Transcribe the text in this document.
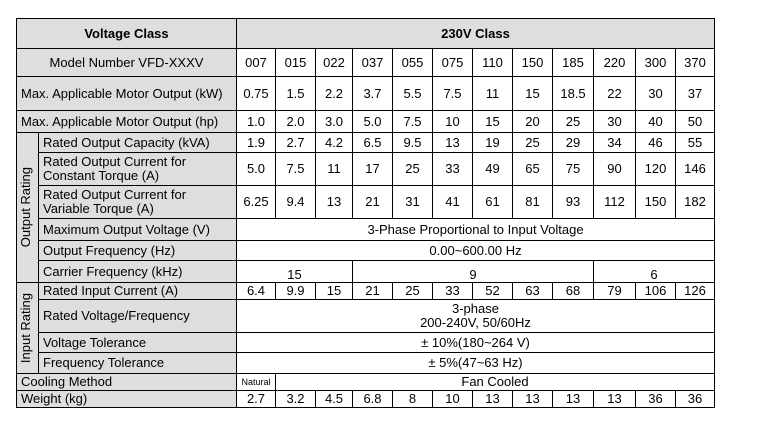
Voltage Class		230V Class											
Model Number VFD-XXXV		007	015	022	037	055	075	110	150	185	220	300	370
Max. Applicable Motor Output (kW)		0.75	1.5	2.2	3.7	5.5	7.5	11	15	18.5	22	30	37
Max. Applicable Motor Output (hp)		1.0	2.0	3.0	5.0	7.5	10	15	20	25	30	40	50

Output Rating	Rated Output Capacity (kVA)	1.9	2.7	4.2	6.5	9.5	13	19	25	29	34	46	55
	Rated Output Current for Constant Torque (A)	5.0	7.5	11	17	25	33	49	65	75	90	120	146
	Rated Output Current for Variable Torque (A)	6.25	9.4	13	21	31	41	61	81	93	112	150	182
	Maximum Output Voltage (V)	3-Phase Proportional to Input Voltage											
	Output Frequency (Hz)	0.00~600.00 Hz											
	Carrier Frequency (kHz)	15			9						6		

Input Rating	Rated Input Current (A)	6.4	9.9	15	21	25	33	52	63	68	79	106	126
	Rated Voltage/Frequency	3-phase
200-240V, 50/60Hz											

	Voltage Tolerance	± 10%(180~264 V)											
	Frequency Tolerance	± 5%(47~63 Hz)											
Cooling Method		Natural	Fan Cooled										
Weight (kg)		2.7	3.2	4.5	6.8	8	10	13	13	13	13	36	36
